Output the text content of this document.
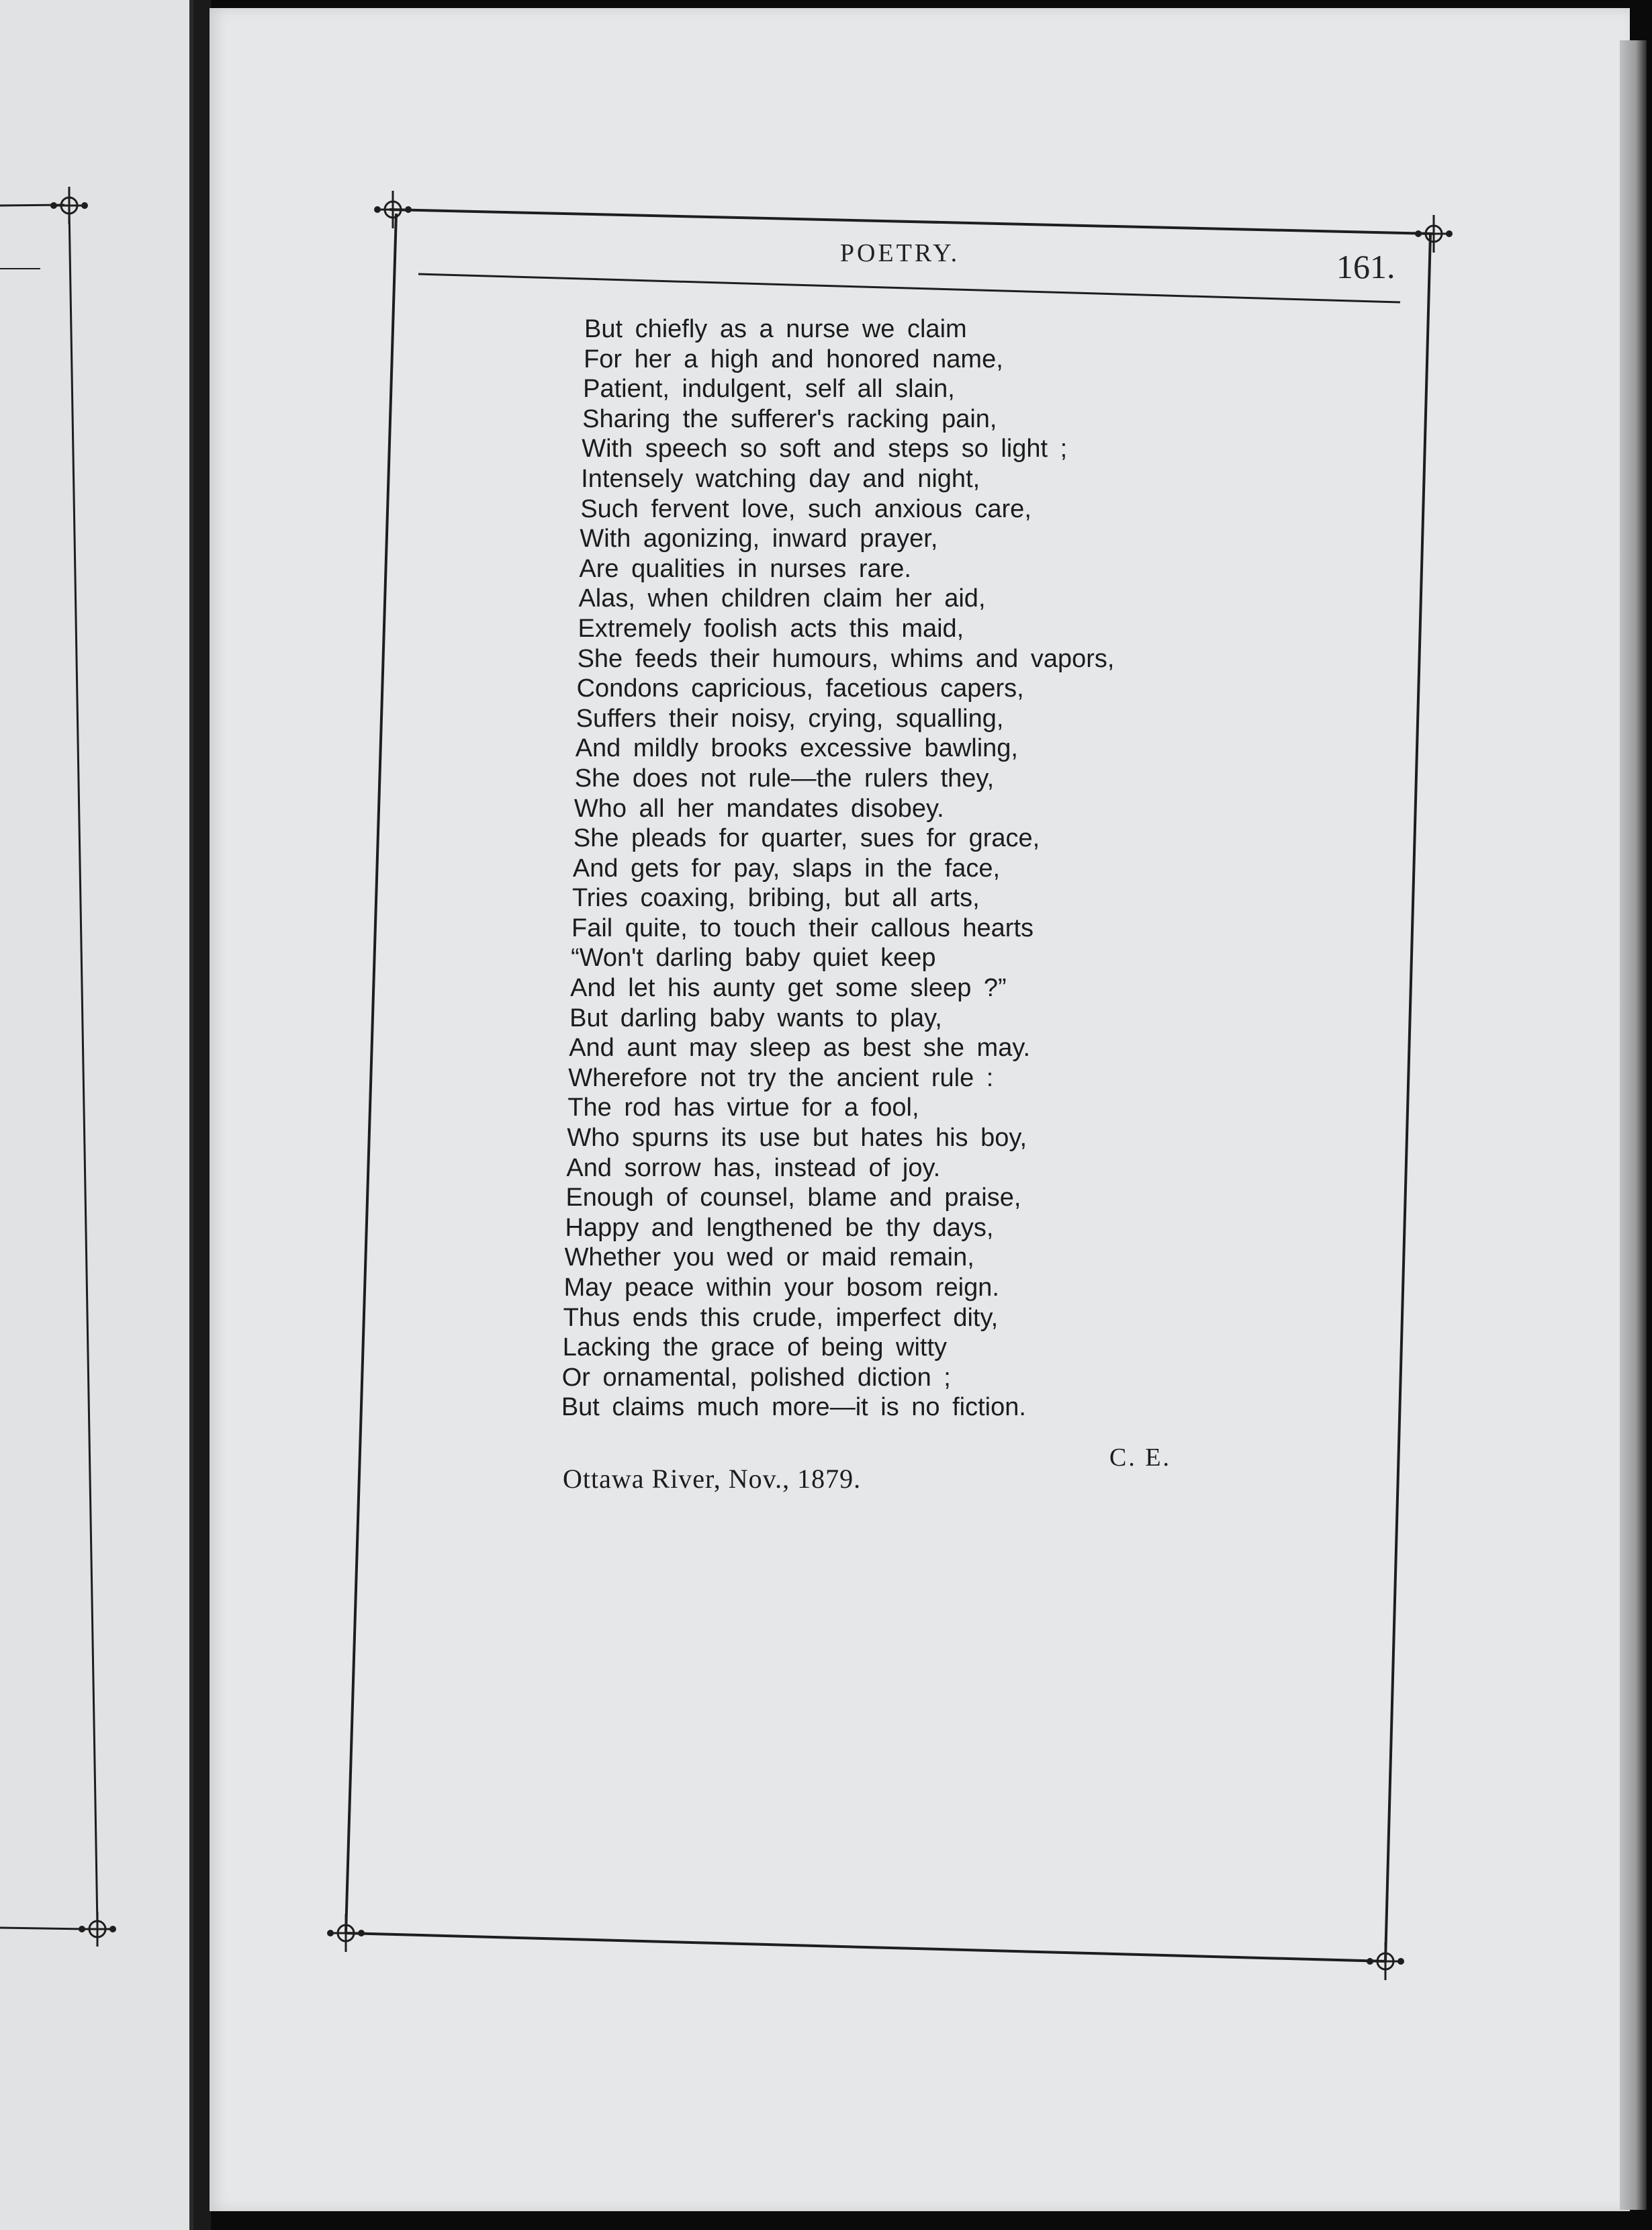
POETRY.	161.
But chiefly as a nurse we claim
For her a high and honored name,
Patient, indulgent, self all slain,
Sharing the sufferer's racking pain,
With speech so soft and steps so light ;
Intensely watching day and night,
Such fervent love, such anxious care,
With agonizing, inward prayer,
Are qualities in nurses rare.
Alas, when children claim her aid,
Extremely foolish acts this maid,
She feeds their humours, whims and vapors,
Condons capricious, facetious capers,
Suffers their noisy, crying, squalling,
And mildly brooks excessive bawling,
She does not rule—the rulers they,
Who all her mandates disobey.
She pleads for quarter, sues for grace,
And gets for pay, slaps in the face,
Tries coaxing, bribing, but all arts,
Fail quite, to touch their callous hearts
“Won't darling baby quiet keep
And let his aunty get some sleep ?”
But darling baby wants to play,
And aunt may sleep as best she may.
Wherefore not try the ancient rule :
The rod has virtue for a fool,
Who spurns its use but hates his boy,
And sorrow has, instead of joy.
Enough of counsel, blame and praise,
Happy and lengthened be thy days,
Whether you wed or maid remain,
May peace within your bosom reign.
Thus ends this crude, imperfect dity,
Lacking the grace of being witty
Or ornamental, polished diction ;
But claims much more—it is no fiction.
C. E.
Ottawa River, Nov., 1879.
